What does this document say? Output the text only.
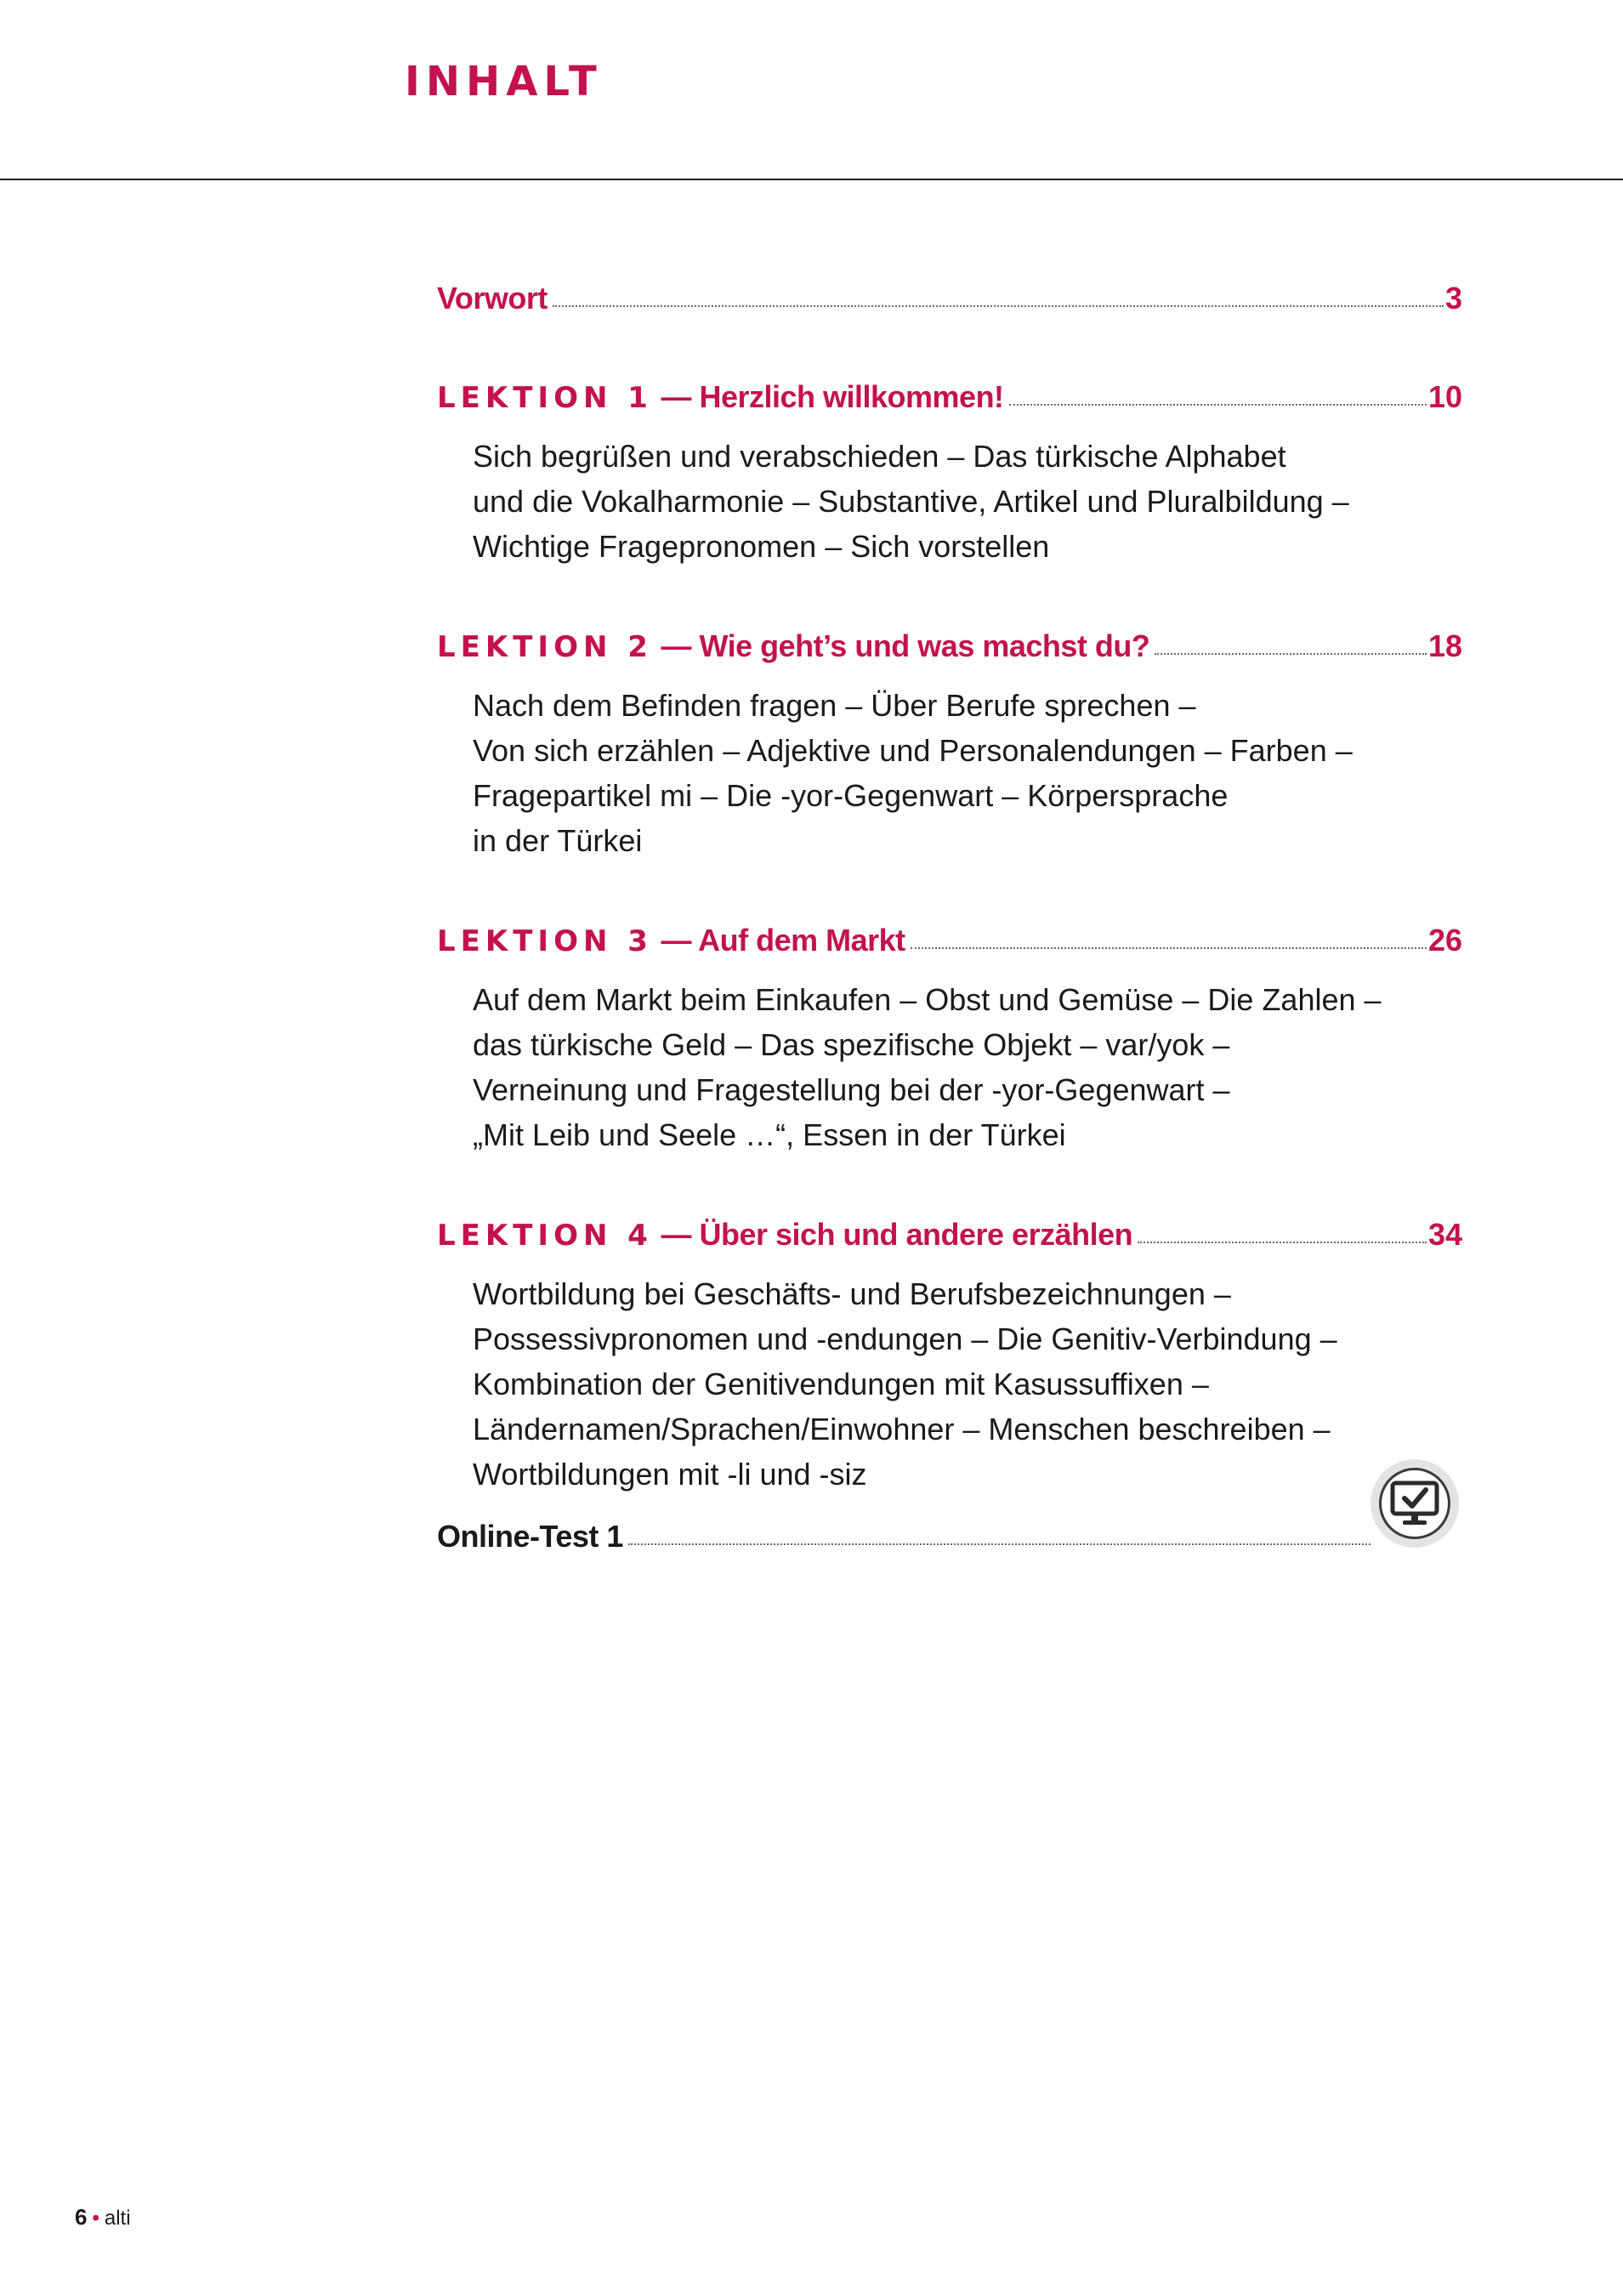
INHALT
Vorwort	3
LEKTION 1 — Herzlich willkommen!	10
Sich begrüßen und verabschieden – Das türkische Alphabet
und die Vokalharmonie – Substantive, Artikel und Pluralbildung –
Wichtige Fragepronomen – Sich vorstellen
LEKTION 2 — Wie geht’s und was machst du?	18
Nach dem Befinden fragen – Über Berufe sprechen –
Von sich erzählen – Adjektive und Personalendungen – Farben –
Fragepartikel mi – Die -yor-Gegenwart – Körpersprache
in der Türkei
LEKTION 3 — Auf dem Markt	26
Auf dem Markt beim Einkaufen – Obst und Gemüse – Die Zahlen –
das türkische Geld – Das spezifische Objekt – var/yok –
Verneinung und Fragestellung bei der -yor-Gegenwart –
„Mit Leib und Seele …“, Essen in der Türkei
LEKTION 4 — Über sich und andere erzählen	34
Wortbildung bei Geschäfts- und Berufsbezeichnungen –
Possessivpronomen und -endungen – Die Genitiv-Verbindung –
Kombination der Genitivendungen mit Kasussuffixen –
Ländernamen/Sprachen/Einwohner – Menschen beschreiben –
Wortbildungen mit -li und -siz
Online-Test 1
6 • alti
